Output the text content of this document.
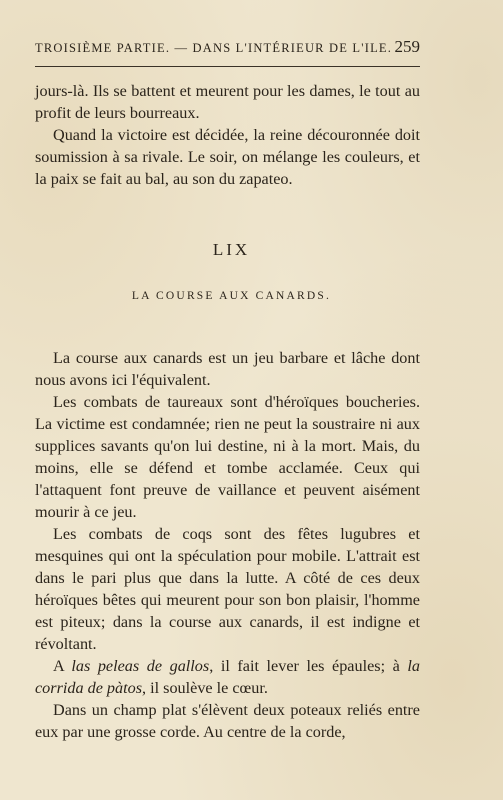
TROISIÈME PARTIE. — DANS L'INTÉRIEUR DE L'ILE. 259

jours-là. Ils se battent et meurent pour les dames, le tout au profit de leurs bourreaux.

Quand la victoire est décidée, la reine découronnée doit soumission à sa rivale. Le soir, on mélange les couleurs, et la paix se fait au bal, au son du zapateo.

LIX
LA COURSE AUX CANARDS.

La course aux canards est un jeu barbare et lâche dont nous avons ici l'équivalent.

Les combats de taureaux sont d'héroïques boucheries. La victime est condamnée; rien ne peut la soustraire ni aux supplices savants qu'on lui destine, ni à la mort. Mais, du moins, elle se défend et tombe acclamée. Ceux qui l'attaquent font preuve de vaillance et peuvent aisément mourir à ce jeu.

Les combats de coqs sont des fêtes lugubres et mesquines qui ont la spéculation pour mobile. L'attrait est dans le pari plus que dans la lutte. A côté de ces deux héroïques bêtes qui meurent pour son bon plaisir, l'homme est piteux; dans la course aux canards, il est indigne et révoltant.

A las peleas de gallos, il fait lever les épaules; à la corrida de pàtos, il soulève le cœur.

Dans un champ plat s'élèvent deux poteaux reliés entre eux par une grosse corde. Au centre de la corde,
